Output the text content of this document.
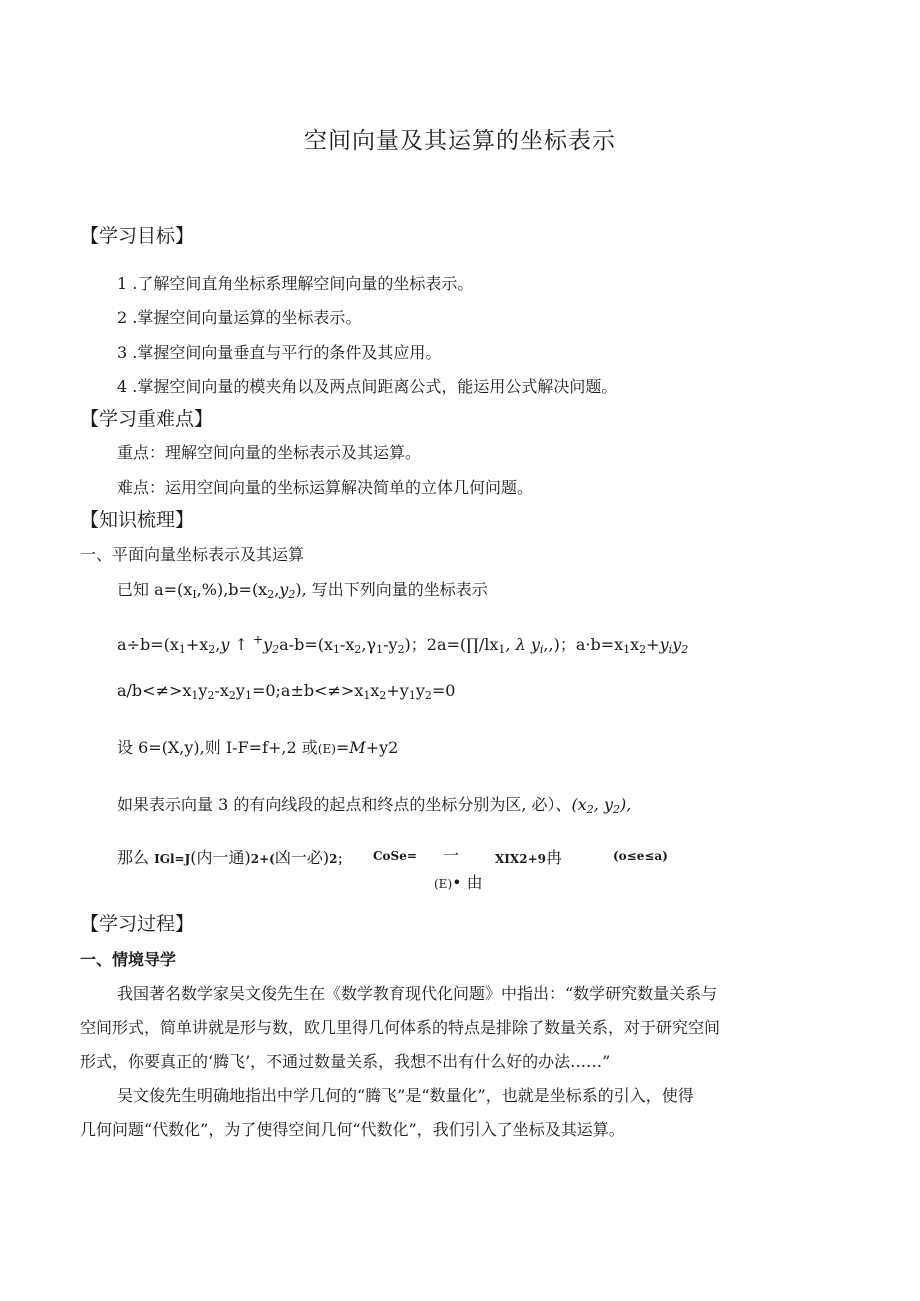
空间向量及其运算的坐标表示
【学习目标】
1 .了解空间直角坐标系理解空间向量的坐标表示。
2 .掌握空间向量运算的坐标表示。
3 .掌握空间向量垂直与平行的条件及其应用。
4 .掌握空间向量的模夹角以及两点间距离公式，能运用公式解决问题。
【学习重难点】
重点：理解空间向量的坐标表示及其运算。
难点：运用空间向量的坐标运算解决简单的立体几何问题。
【知识梳理】
一、平面向量坐标表示及其运算
已知 $a=(x_I,\%),b=(x_2,y_2)$, 写出下列向量的坐标表示
$a\div b=(x_1+x_2,y$ ↑ $^+y_2a-b=(x_1-x_2,\gamma_1-y_2)$；$2a=(\prod/lx_1$, λ $y_i$,,)；$a\cdot b=x_1x_2+y_iy_2$
$a∕b<\ne>x_1y_2-x_2y_1=0;a\pm b<\ne>x_1x_2+y_1y_2=0$
设 6=(X,y),则 I-F=f+,2 或(E)=M+y2
如果表示向量 3 的有向线段的起点和终点的坐标分别为区, 必）、($x_2$, $y_2$),
那么 IGl=J(内一通)2+(凶一必)2； CoSe= 一	XIX2+9冉	(o≤e≤a)
(E)• 由
【学习过程】
一、情境导学
我国著名数学家吴文俊先生在《数学教育现代化问题》中指出：“数学研究数量关系与
空间形式，简单讲就是形与数，欧几里得几何体系的特点是排除了数量关系，对于研究空间
形式，你要真正的‘腾飞’，不通过数量关系，我想不出有什么好的办法……”
吴文俊先生明确地指出中学几何的“腾飞”是“数量化”，也就是坐标系的引入，使得
几何问题“代数化”，为了使得空间几何“代数化”，我们引入了坐标及其运算。
